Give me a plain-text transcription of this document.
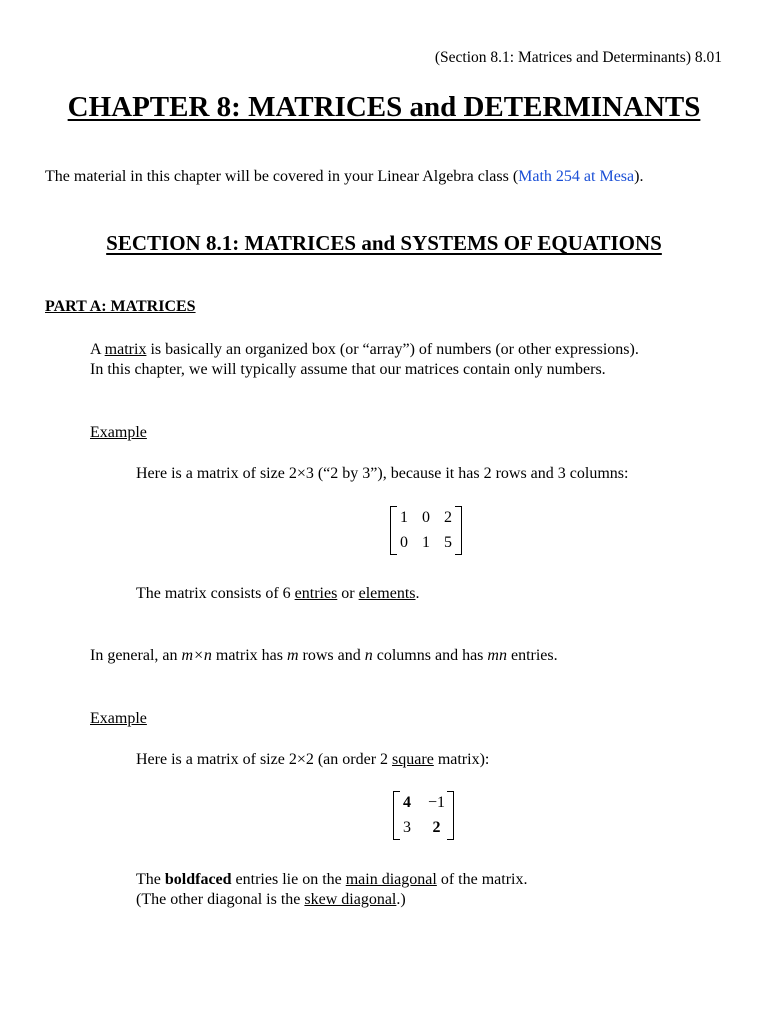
(Section 8.1: Matrices and Determinants) 8.01
CHAPTER 8: MATRICES and DETERMINANTS
The material in this chapter will be covered in your Linear Algebra class (Math 254 at Mesa).
SECTION 8.1: MATRICES and SYSTEMS OF EQUATIONS
PART A: MATRICES
A matrix is basically an organized box (or “array”) of numbers (or other expressions).
In this chapter, we will typically assume that our matrices contain only numbers.
Example
Here is a matrix of size 2×3 (“2 by 3”), because it has 2 rows and 3 columns:
1 0 2
0 1 5
The matrix consists of 6 entries or elements.
In general, an m×n matrix has m rows and n columns and has mn entries.
Example
Here is a matrix of size 2×2 (an order 2 square matrix):
4 −1
3 2
The boldfaced entries lie on the main diagonal of the matrix.
(The other diagonal is the skew diagonal.)
